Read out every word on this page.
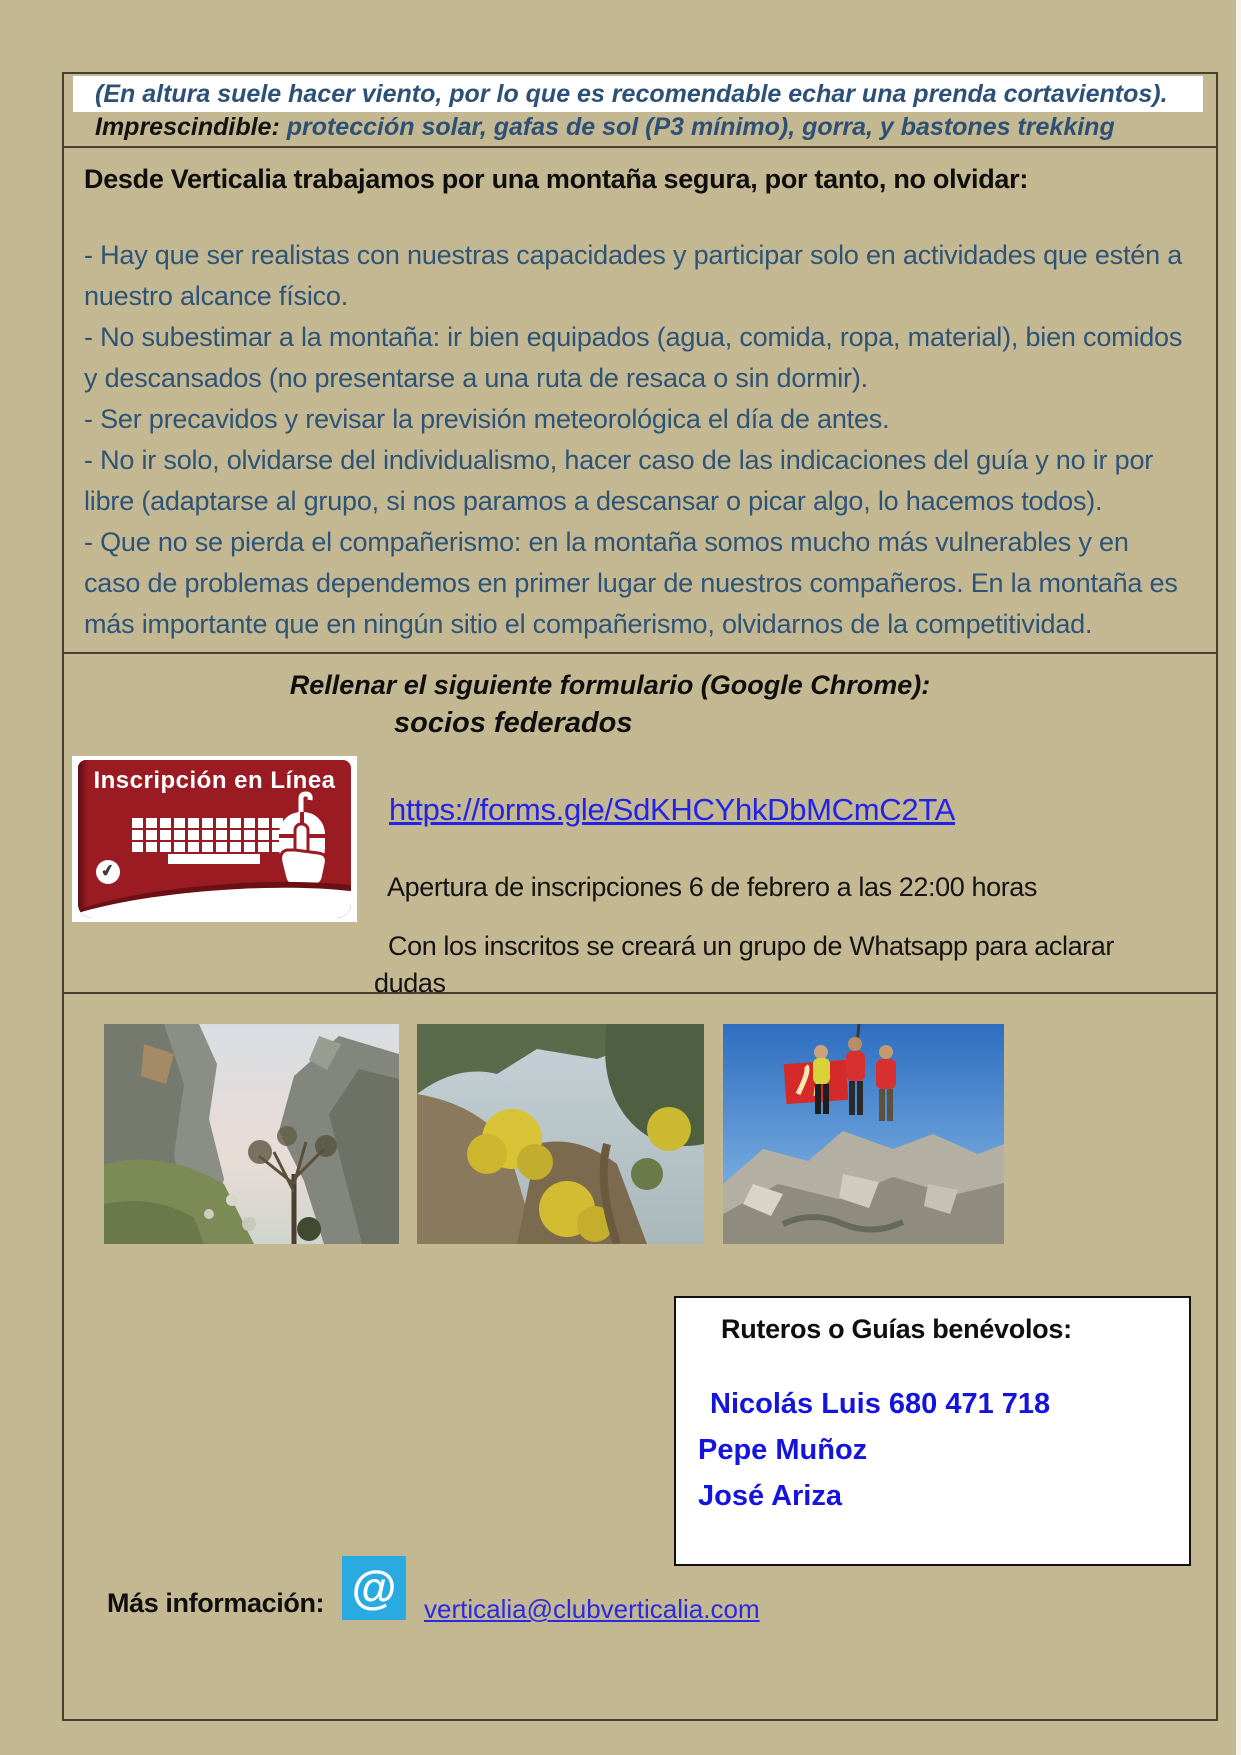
(En altura suele hacer viento, por lo que es recomendable echar una prenda cortavientos).
Imprescindible: protección solar, gafas de sol (P3 mínimo), gorra, y bastones trekking
Desde Verticalia trabajamos por una montaña segura, por tanto, no olvidar:
- Hay que ser realistas con nuestras capacidades y participar solo en actividades que estén a nuestro alcance físico.
- No subestimar a la montaña: ir bien equipados (agua, comida, ropa, material), bien comidos y descansados (no presentarse a una ruta de resaca o sin dormir).
- Ser precavidos y revisar la previsión meteorológica el día de antes.
- No ir solo, olvidarse del individualismo, hacer caso de las indicaciones del guía y no ir por libre (adaptarse al grupo, si nos paramos a descansar o picar algo, lo hacemos todos).
- Que no se pierda el compañerismo: en la montaña somos mucho más vulnerables y en caso de problemas dependemos en primer lugar de nuestros compañeros. En la montaña es más importante que en ningún sitio el compañerismo, olvidarnos de la competitividad.
Rellenar el siguiente formulario (Google Chrome):
socios federados
Inscripción en Línea
✔
https://forms.gle/SdKHCYhkDbMCmC2TA
Apertura de inscripciones 6 de febrero a las 22:00 horas
Con los inscritos se creará un grupo de Whatsapp para aclarar dudas
Ruteros o Guías benévolos:
Nicolás Luis 680 471 718
Pepe Muñoz
José Ariza
Más información: @	verticalia@clubverticalia.com
